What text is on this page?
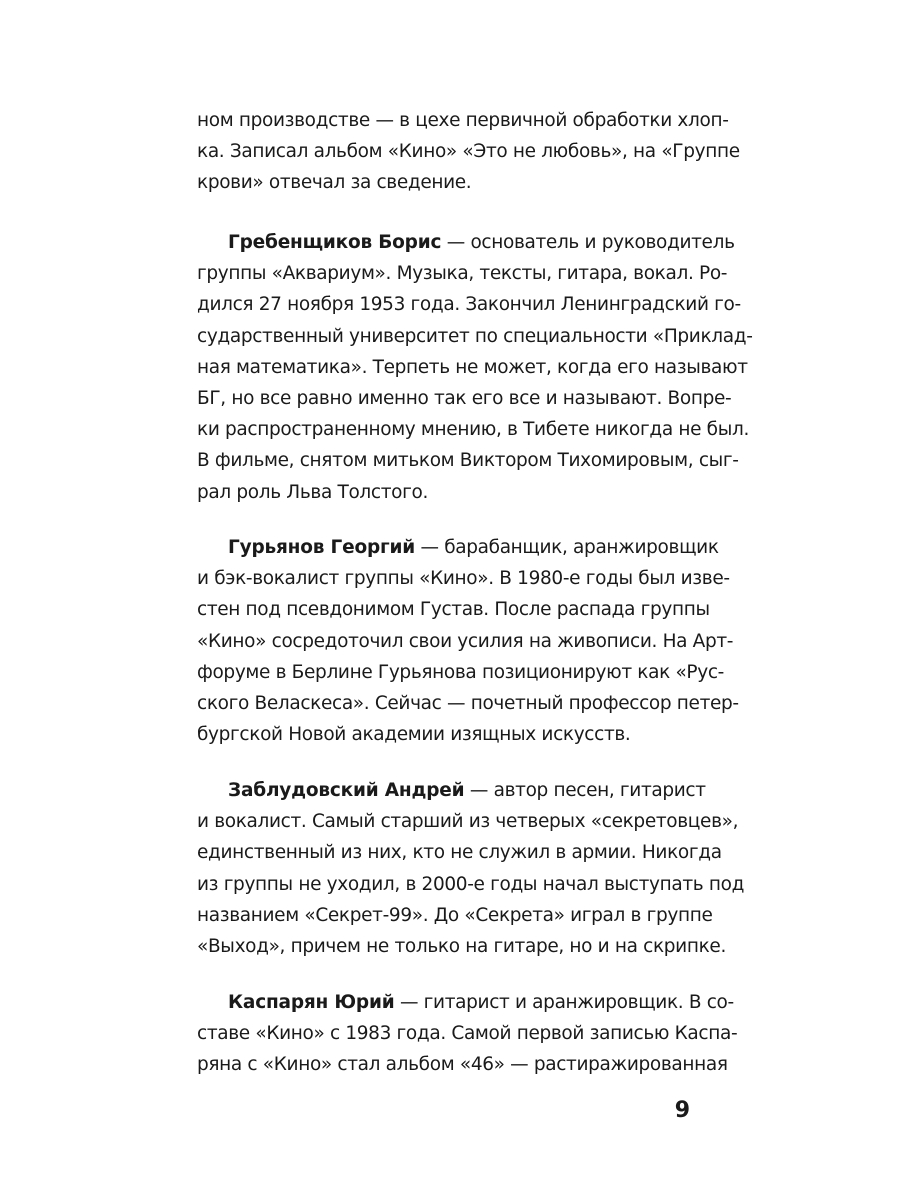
ном производстве — в цехе первичной обработки хлоп-
ка. Записал альбом «Кино» «Это не любовь», на «Группе
крови» отвечал за сведение.
Гребенщиков Борис — основатель и руководитель
группы «Аквариум». Музыка, тексты, гитара, вокал. Ро-
дился 27 ноября 1953 года. Закончил Ленинградский го-
сударственный университет по специальности «Приклад-
ная математика». Терпеть не может, когда его называют
БГ, но все равно именно так его все и называют. Вопре-
ки распространенному мнению, в Тибете никогда не был.
В фильме, снятом митьком Виктором Тихомировым, сыг-
рал роль Льва Толстого.
Гурьянов Георгий — барабанщик, аранжировщик
и бэк-вокалист группы «Кино». В 1980-е годы был изве-
стен под псевдонимом Густав. После распада группы
«Кино» сосредоточил свои усилия на живописи. На Арт-
форуме в Берлине Гурьянова позиционируют как «Рус-
ского Веласкеса». Сейчас — почетный профессор петер-
бургской Новой академии изящных искусств.
Заблудовский Андрей — автор песен, гитарист
и вокалист. Самый старший из четверых «секретовцев»,
единственный из них, кто не служил в армии. Никогда
из группы не уходил, в 2000-е годы начал выступать под
названием «Секрет-99». До «Секрета» играл в группе
«Выход», причем не только на гитаре, но и на скрипке.
Каспарян Юрий — гитарист и аранжировщик. В со-
ставе «Кино» с 1983 года. Самой первой записью Каспа-
ряна с «Кино» стал альбом «46» — растиражированная
9
